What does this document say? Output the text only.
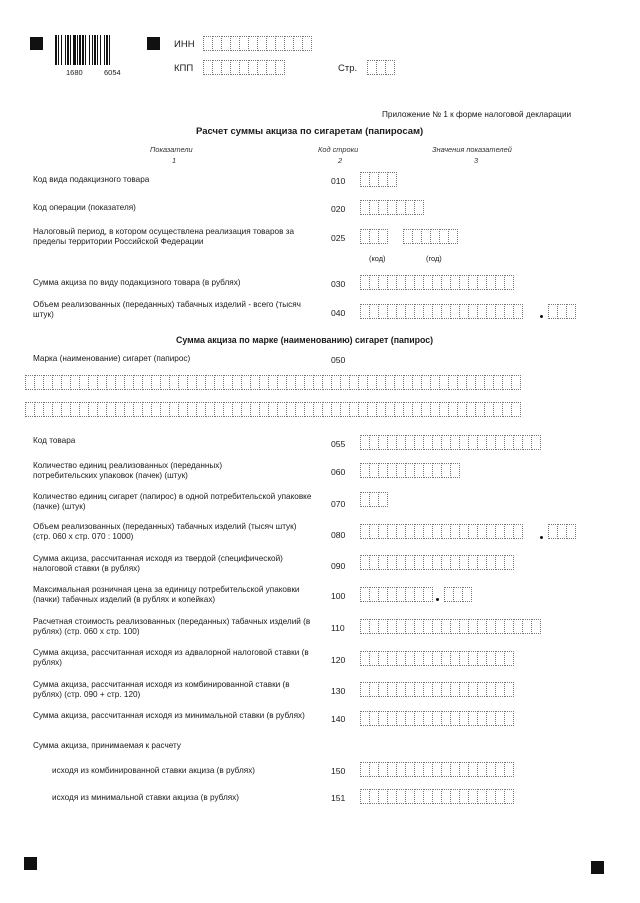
1680	6054
ИНН
КПП	Стр.
Приложение № 1 к форме налоговой декларации
Расчет суммы акциза по сигаретам (папиросам)
Показатели	Код строки	Значения показателей
1	2	3
Код вида подакцизного товара	010
Код операции (показателя)	020
Налоговый период, в котором осуществлена реализация товаров за пределы территории Российской Федерации	025
(код)	(год)
Сумма акциза по виду подакцизного товара (в рублях)	030
Объем реализованных (переданных) табачных изделий - всего (тысяч штук)	040
Сумма акциза по марке (наименованию) сигарет (папирос)
Марка (наименование) сигарет (папирос)	050
Код товара	055
Количество единиц реализованных (переданных) потребительских упаковок (пачек) (штук)	060
Количество единиц сигарет (папирос) в одной потребительской упаковке (пачке) (штук)	070
Объем реализованных (переданных) табачных изделий (тысяч штук) (стр. 060 х стр. 070 : 1000)	080
Сумма акциза, рассчитанная исходя из твердой (специфической) налоговой ставки (в рублях)	090
Максимальная розничная цена за единицу потребительской упаковки (пачки) табачных изделий (в рублях и копейках)	100
Расчетная стоимость реализованных (переданных) табачных изделий (в рублях) (стр. 060 х стр. 100)	110
Сумма акциза, рассчитанная исходя из адвалорной налоговой ставки (в рублях)	120
Сумма акциза, рассчитанная исходя из комбинированной ставки (в рублях) (стр. 090 + стр. 120)	130
Сумма акциза, рассчитанная исходя из минимальной ставки (в рублях)	140
Сумма акциза, принимаемая к расчету
исходя из комбинированной ставки акциза (в рублях)	150
исходя из минимальной ставки акциза (в рублях)	151
